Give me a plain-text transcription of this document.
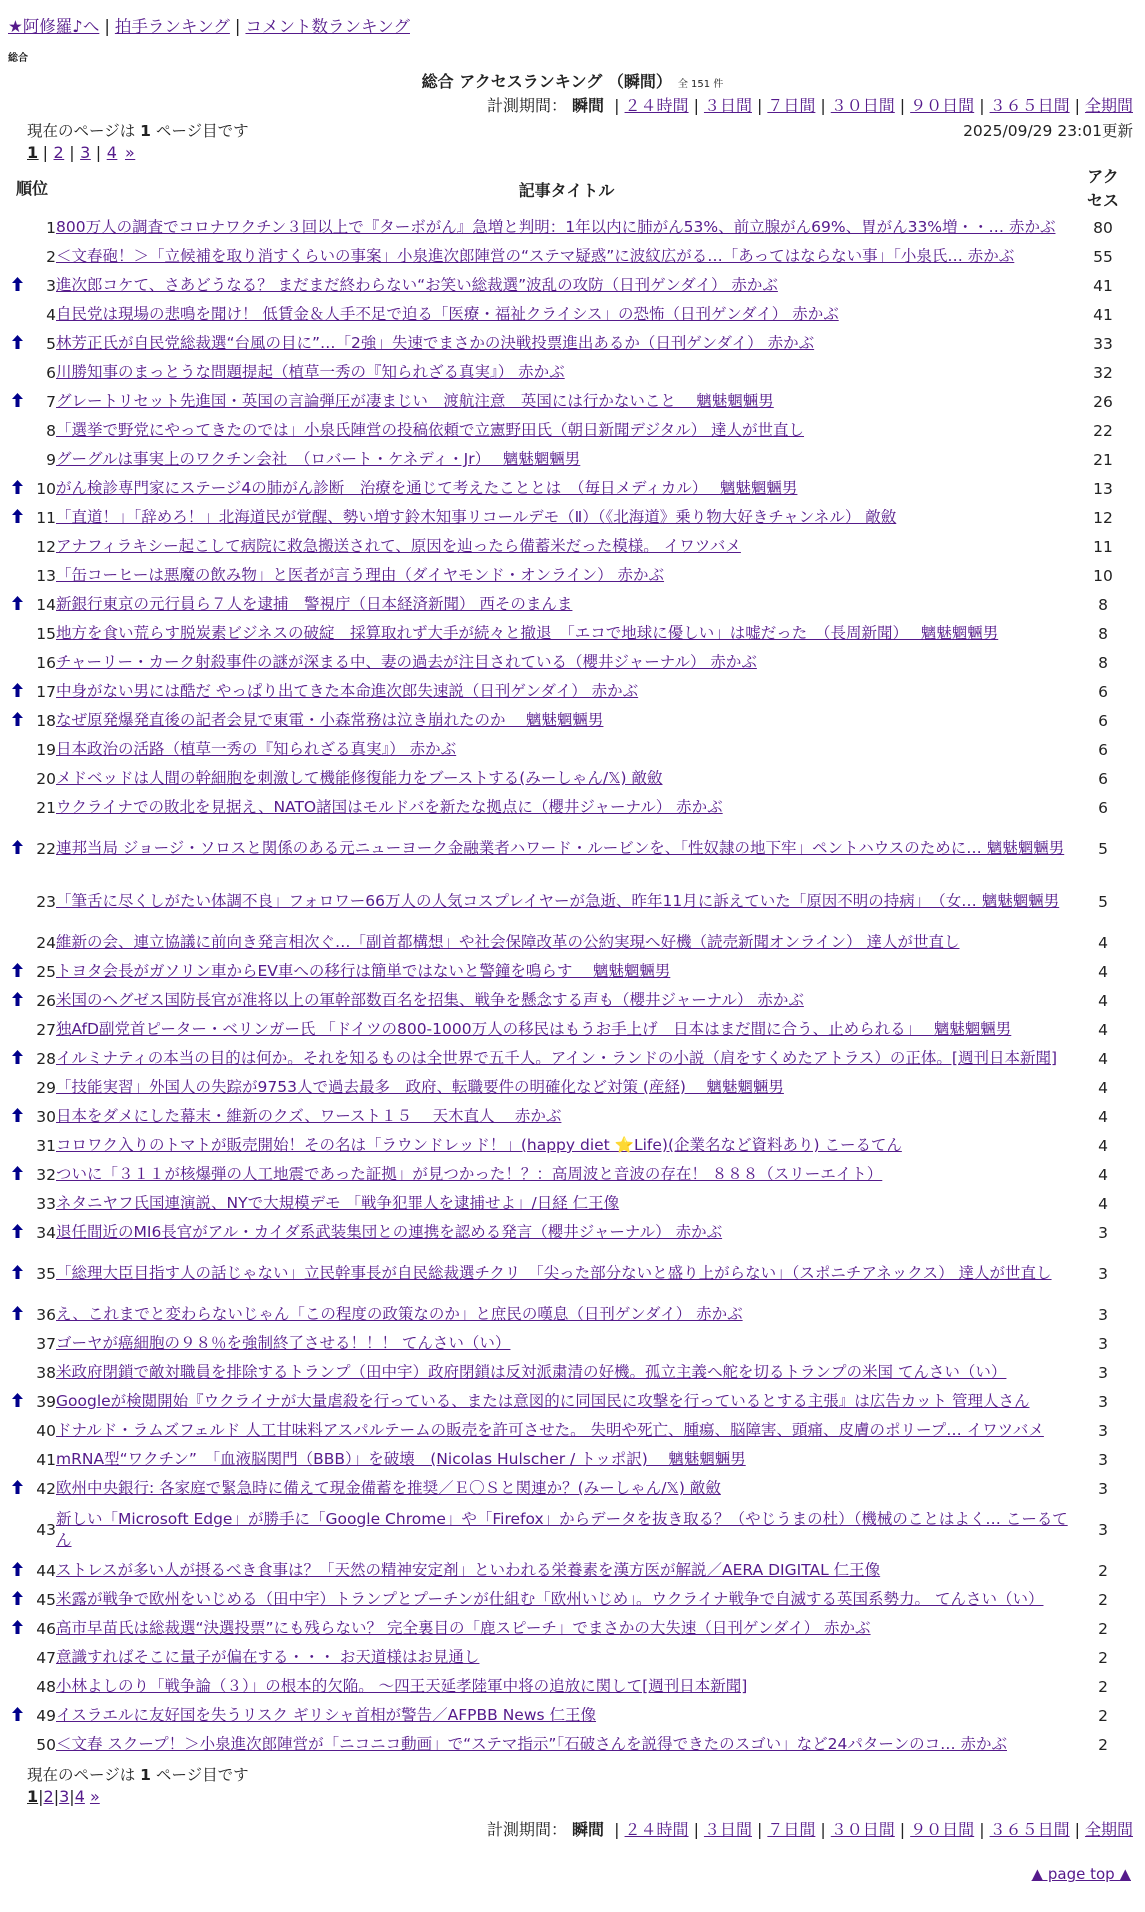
★阿修羅♪へ | 拍手ランキング | コメント数ランキング
総合
総合 アクセスランキング （瞬間） 全 151 件
計測期間： 瞬間 | ２４時間 | ３日間 | ７日間 | ３０日間 | ９０日間 | ３６５日間 | 全期間
現在のページは 1 ページ目です	2025/09/29 23:01更新
1 | 2 | 3 | 4 »
順位		記事タイトル	アクセス
	1	800万人の調査でコロナワクチン３回以上で『ターボがん』急増と判明：1年以内に肺がん53%、前立腺がん69%、胃がん33%増・・… 赤かぶ	80
	2	＜文春砲！＞「立候補を取り消すくらいの事案」小泉進次郎陣営の“ステマ疑惑”に波紋広がる…「あってはならない事」「小泉氏… 赤かぶ	55
	3	進次郎コケて、さあどうなる？ まだまだ終わらない“お笑い総裁選”波乱の攻防（日刊ゲンダイ） 赤かぶ	41
	4	自民党は現場の悲鳴を聞け！ 低賃金＆人手不足で迫る「医療・福祉クライシス」の恐怖（日刊ゲンダイ） 赤かぶ	41
	5	林芳正氏が自民党総裁選“台風の目に”…「2強」失速でまさかの決戦投票進出あるか（日刊ゲンダイ） 赤かぶ	33
	6	川勝知事のまっとうな問題提起（植草一秀の『知られざる真実』） 赤かぶ	32
	7	グレートリセット先進国・英国の言論弾圧が凄まじい　渡航注意　英国には行かないこと　 魑魅魍魎男	26
	8	「選挙で野党にやってきたのでは」小泉氏陣営の投稿依頼で立憲野田氏（朝日新聞デジタル） 達人が世直し	22
	9	グーグルは事実上のワクチン会社　（ロバート・ケネディ・Jr）　 魑魅魍魎男	21
	10	がん検診専門家にステージ4の肺がん診断　治療を通じて考えたこととは　（毎日メディカル）　 魑魅魍魎男	13
	11	「直道！」「辞めろ！」北海道民が覚醒、勢い増す鈴木知事リコールデモ（Ⅱ）（《北海道》乗り物大好きチャンネル） 敵斂	12
	12	アナフィラキシー起こして病院に救急搬送されて、原因を辿ったら備蓄米だった模様。 イワツバメ	11
	13	「缶コーヒーは悪魔の飲み物」と医者が言う理由（ダイヤモンド・オンライン） 赤かぶ	10
	14	新銀行東京の元行員ら７人を逮捕　警視庁（日本経済新聞） 西そのまんま	8
	15	地方を食い荒らす脱炭素ビジネスの破綻　採算取れず大手が続々と撤退　「エコで地球に優しい」は嘘だった　（長周新聞）　 魑魅魍魎男	8
	16	チャーリー・カーク射殺事件の謎が深まる中、妻の過去が注目されている（櫻井ジャーナル） 赤かぶ	8
	17	中身がない男には酷だ やっぱり出てきた本命進次郎失速説（日刊ゲンダイ） 赤かぶ	6
	18	なぜ原発爆発直後の記者会見で東電・小森常務は泣き崩れたのか　 魑魅魍魎男	6
	19	日本政治の活路（植草一秀の『知られざる真実』） 赤かぶ	6
	20	メドベッドは人間の幹細胞を刺激して機能修復能力をブーストする(みーしゃん/𝕏) 敵斂	6
	21	ウクライナでの敗北を見据え、NATO諸国はモルドバを新たな拠点に（櫻井ジャーナル） 赤かぶ	6
	22	連邦当局 ジョージ・ソロスと関係のある元ニューヨーク金融業者ハワード・ルービンを、「性奴隷の地下牢」ペントハウスのために… 魑魅魍魎男	5
	23	「筆舌に尽くしがたい体調不良」フォロワー66万人の人気コスプレイヤーが急逝、昨年11月に訴えていた「原因不明の持病」　（女… 魑魅魍魎男	5
	24	維新の会、連立協議に前向き発言相次ぐ…「副首都構想」や社会保障改革の公約実現へ好機（読売新聞オンライン） 達人が世直し	4
	25	トヨタ会長がガソリン車からEV車への移行は簡単ではないと警鐘を鳴らす　 魑魅魍魎男	4
	26	米国のヘグゼス国防長官が准将以上の軍幹部数百名を招集、戦争を懸念する声も（櫻井ジャーナル） 赤かぶ	4
	27	独AfD副党首ピーター・ベリンガー氏 「ドイツの800-1000万人の移民はもうお手上げ　日本はまだ間に合う、止められる」　 魑魅魍魎男	4
	28	イルミナティの本当の目的は何か。それを知るものは全世界で五千人。アイン・ランドの小説（肩をすくめたアトラス）の正体。[週刊日本新聞]	4
	29	「技能実習」外国人の失踪が9753人で過去最多　政府、転職要件の明確化など対策 (産経)　 魑魅魍魎男	4
	30	日本をダメにした幕末・維新のクズ、ワースト１５　 天木直人　 赤かぶ	4
	31	コロワク入りのトマトが販売開始！その名は「ラウンドレッド！」(happy diet ⭐Life)(企業名など資料あり) こーるてん	4
	32	ついに「３１１が核爆弾の人工地震であった証拠」が見つかった！？：高周波と音波の存在！ ８８８（スリーエイト）	4
	33	ネタニヤフ氏国連演説、NYで大規模デモ 「戦争犯罪人を逮捕せよ」/日経 仁王像	4
	34	退任間近のMI6長官がアル・カイダ系武装集団との連携を認める発言（櫻井ジャーナル） 赤かぶ	3
	35	「総理大臣目指す人の話じゃない」立民幹事長が自民総裁選チクリ　「尖った部分ないと盛り上がらない」（スポニチアネックス） 達人が世直し	3
	36	え、これまでと変わらないじゃん「この程度の政策なのか」と庶民の嘆息（日刊ゲンダイ） 赤かぶ	3
	37	ゴーヤが癌細胞の９８％を強制終了させる！！！ てんさい（い）	3
	38	米政府閉鎖で敵対職員を排除するトランプ（田中宇）政府閉鎖は反対派粛清の好機。孤立主義へ舵を切るトランプの米国 てんさい（い）	3
	39	Googleが検閲開始『ウクライナが大量虐殺を行っている、または意図的に同国民に攻撃を行っているとする主張』は広告カット 管理人さん	3
	40	ドナルド・ラムズフェルド 人工甘味料アスパルテームの販売を許可させた。 失明や死亡、腫瘍、脳障害、頭痛、皮膚のポリープ… イワツバメ	3
	41	mRNA型“ワクチン”　「血液脳関門（BBB）」を破壊　(Nicolas Hulscher / トッポ訳)　 魑魅魍魎男	3
	42	欧州中央銀行: 各家庭で緊急時に備えて現金備蓄を推奨／Ｅ〇Ｓと関連か？(みーしゃん/𝕏) 敵斂	3
	43	新しい「Microsoft Edge」が勝手に「Google Chrome」や「Firefox」からデータを抜き取る？（やじうまの杜）（機械のことはよく… こーるてん	3
	44	ストレスが多い人が摂るべき食事は？「天然の精神安定剤」といわれる栄養素を漢方医が解説／AERA DIGITAL 仁王像	2
	45	米露が戦争で欧州をいじめる（田中宇）トランプとプーチンが仕組む「欧州いじめ」。ウクライナ戦争で自滅する英国系勢力。 てんさい（い）	2
	46	高市早苗氏は総裁選“決選投票”にも残らない？ 完全裏目の「鹿スピーチ」でまさかの大失速（日刊ゲンダイ） 赤かぶ	2
	47	意識すればそこに量子が偏在する・・・ お天道様はお見通し	2
	48	小林よしのり「戦争論（３）」の根本的欠陥。 ～四王天延孝陸軍中将の追放に関して[週刊日本新聞]	2
	49	イスラエルに友好国を失うリスク ギリシャ首相が警告／AFPBB News 仁王像	2
	50	＜文春 スクープ！＞小泉進次郎陣営が「ニコニコ動画」で“ステマ指示”「石破さんを説得できたのスゴい」など24パターンのコ… 赤かぶ	2
現在のページは 1 ページ目です
1|2|3|4 »
計測期間： 瞬間 | ２４時間 | ３日間 | ７日間 | ３０日間 | ９０日間 | ３６５日間 | 全期間
▲ page top ▲
